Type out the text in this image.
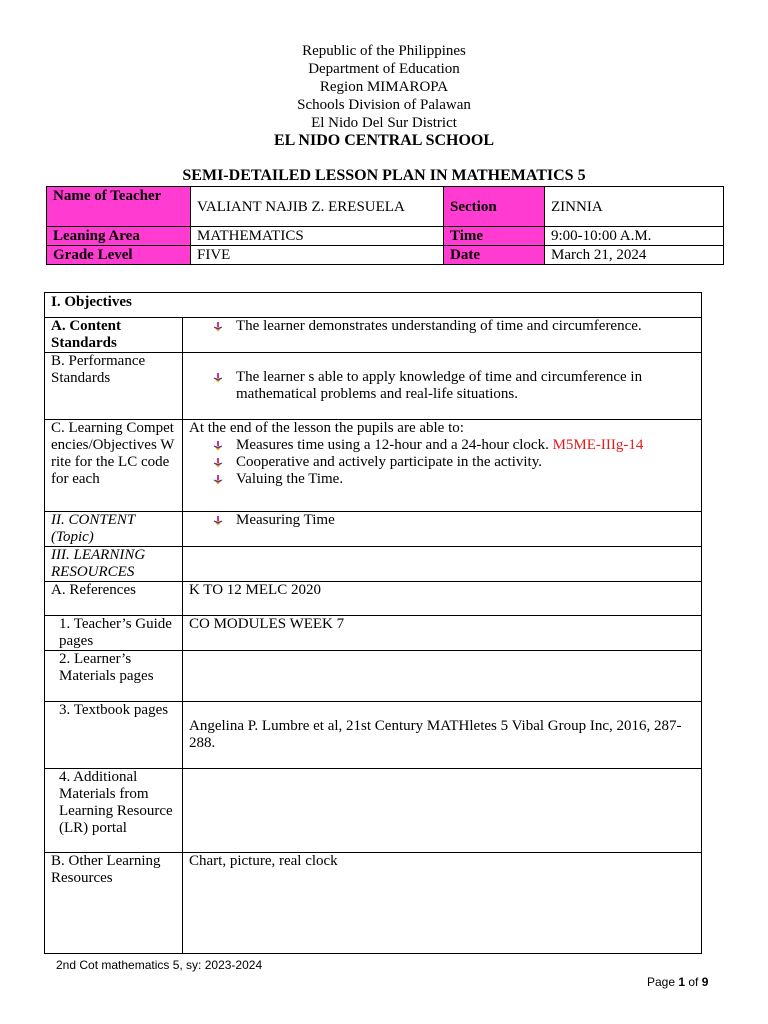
Republic of the Philippines
Department of Education
Region MIMAROPA
Schools Division of Palawan
El Nido Del Sur District
EL NIDO CENTRAL SCHOOL
SEMI-DETAILED LESSON PLAN IN MATHEMATICS 5
Name of Teacher	VALIANT NAJIB Z. ERESUELA	Section	ZINNIA
Leaning Area	MATHEMATICS	Time	9:00-10:00 A.M.
Grade Level	FIVE	Date	March 21, 2024
I. Objectives	
A. Content Standards	The learner demonstrates understanding of time and circumference.

B. Performance Standards	The learner s able to apply knowledge of time and circumference in mathematical problems and real-life situations.

C. Learning Competencies/Objectives Write for the LC code for each	At the end of the lesson the pupils are able to:
Measures time using a 12-hour and a 24-hour clock. M5ME-IIIg-14
Cooperative and actively participate in the activity.
Valuing the Time.

II. CONTENT (Topic)	Measuring Time

III. LEARNING RESOURCES	
A. References	K TO 12 MELC 2020
1. Teacher’s Guide pages	CO MODULES WEEK 7
2. Learner’s Materials pages	
3. Textbook pages	Angelina P. Lumbre et al, 21st Century MATHletes 5 Vibal Group Inc, 2016, 287- 288.
4. Additional Materials from Learning Resource (LR) portal	
B. Other Learning Resources	Chart, picture, real clock
2nd Cot mathematics 5, sy: 2023-2024
Page 1 of 9
